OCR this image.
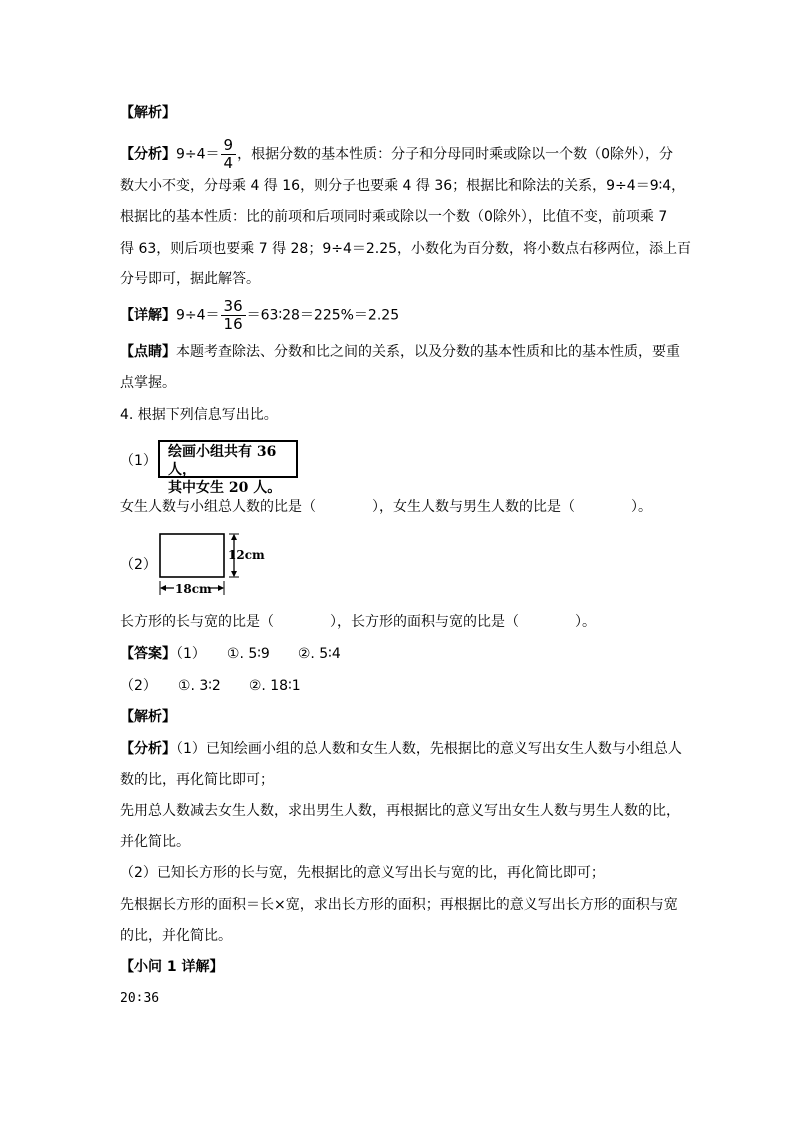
【解析】
【分析】$9\div 4= \frac{9}{4}$ ，根据分数的基本性质：分子和分母同时乘或除以一个数（0除外），分
数大小不变，分母乘 4 得 16，则分子也要乘 4 得 36；根据比和除法的关系，9÷4＝9∶4，
根据比的基本性质：比的前项和后项同时乘或除以一个数（0除外），比值不变，前项乘 7
得 63，则后项也要乘 7 得 28；9÷4＝2.25，小数化为百分数，将小数点右移两位，添上百
分号即可，据此解答。
【详解】$9\div 4= \frac{36}{16}$ ＝63∶28＝225%＝2.25
【点睛】本题考查除法、分数和比之间的关系，以及分数的基本性质和比的基本性质，要重
点掌握。
4. 根据下列信息写出比。
（1）
绘画小组共有 36 人，
其中女生 20 人。
女生人数与小组总人数的比是（　　　　），女生人数与男生人数的比是（　　　　）。
（2）
12cm
18cm
长方形的长与宽的比是（　　　　），长方形的面积与宽的比是（　　　　）。
【答案】（1）　　①. 5∶9　　②. 5∶4
（2）　　①. 3∶2　　②. 18∶1
【解析】
【分析】（1）已知绘画小组的总人数和女生人数，先根据比的意义写出女生人数与小组总人
数的比，再化简比即可；
先用总人数减去女生人数，求出男生人数，再根据比的意义写出女生人数与男生人数的比，
并化简比。
（2）已知长方形的长与宽，先根据比的意义写出长与宽的比，再化简比即可；
先根据长方形的面积＝长×宽，求出长方形的面积；再根据比的意义写出长方形的面积与宽
的比，并化简比。
【小问 1 详解】
20∶36
